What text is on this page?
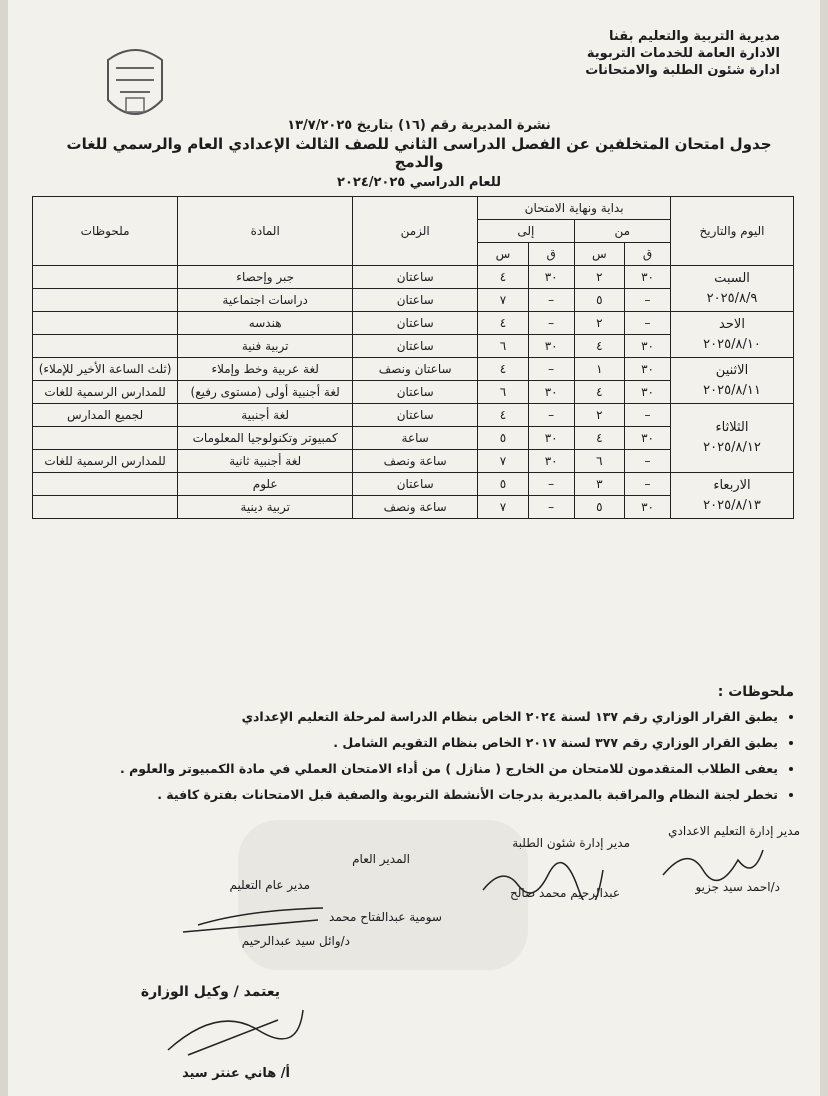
مديرية التربية والتعليم بقنا
الادارة العامة للخدمات التربوية
ادارة شئون الطلبة والامتحانات
نشرة المديرية رقم (١٦) بتاريخ ١٣/٧/٢٠٢٥
جدول امتحان المتخلفين عن الفصل الدراسى الثاني للصف الثالث الإعدادي العام والرسمي للغات والدمج
للعام الدراسي ٢٠٢٤/٢٠٢٥
اليوم والتاريخ	بداية ونهاية الامتحان				الزمن	المادة	ملحوظات
	من		إلى				
	ق	س	ق	س			

السبت
٢٠٢٥/٨/٩	٣٠	٢	٣٠	٤	ساعتان	جبر وإحصاء	
	–	٥	–	٧	ساعتان	دراسات اجتماعية	

الاحد
٢٠٢٥/٨/١٠	–	٢	–	٤	ساعتان	هندسه	
	٣٠	٤	٣٠	٦	ساعتان	تربية فنية	

الاثنين
٢٠٢٥/٨/١١	٣٠	١	–	٤	ساعتان ونصف	لغة عربية وخط وإملاء	(ثلث الساعة الأخير للإملاء)
	٣٠	٤	٣٠	٦	ساعتان	لغة أجنبية أولى (مستوى رفيع)	للمدارس الرسمية للغات

الثلاثاء
٢٠٢٥/٨/١٢	–	٢	–	٤	ساعتان	لغة أجنبية	لجميع المدارس
	٣٠	٤	٣٠	٥	ساعة	كمبيوتر وتكنولوجيا المعلومات	
	–	٦	٣٠	٧	ساعة ونصف	لغة أجنبية ثانية	للمدارس الرسمية للغات

الاربعاء
٢٠٢٥/٨/١٣	–	٣	–	٥	ساعتان	علوم	
	٣٠	٥	–	٧	ساعة ونصف	تربية دينية	
ملحوظات :
• يطبق القرار الوزاري رقم ١٣٧ لسنة ٢٠٢٤ الخاص بنظام الدراسة لمرحلة التعليم الإعدادي
• يطبق القرار الوزاري رقم ٣٧٧ لسنة ٢٠١٧ الخاص بنظام التقويم الشامل .
• يعفى الطلاب المتقدمون للامتحان من الخارج ( منازل ) من أداء الامتحان العملي في مادة الكمبيوتر والعلوم .
• تخطر لجنة النظام والمراقبة بالمديرية بدرجات الأنشطة التربوية والصفية قبل الامتحانات بفترة كافية .
مدير إدارة التعليم الاعدادي
د/احمد سيد جزيو
مدير إدارة شئون الطلبة
عبدالرحيم محمد صالح
المدير العام
سومية عبدالفتاح محمد
مدير عام التعليم
د/وائل سيد عبدالرحيم
يعتمد / وكيل الوزارة
أ/ هاني عنتر سيد
